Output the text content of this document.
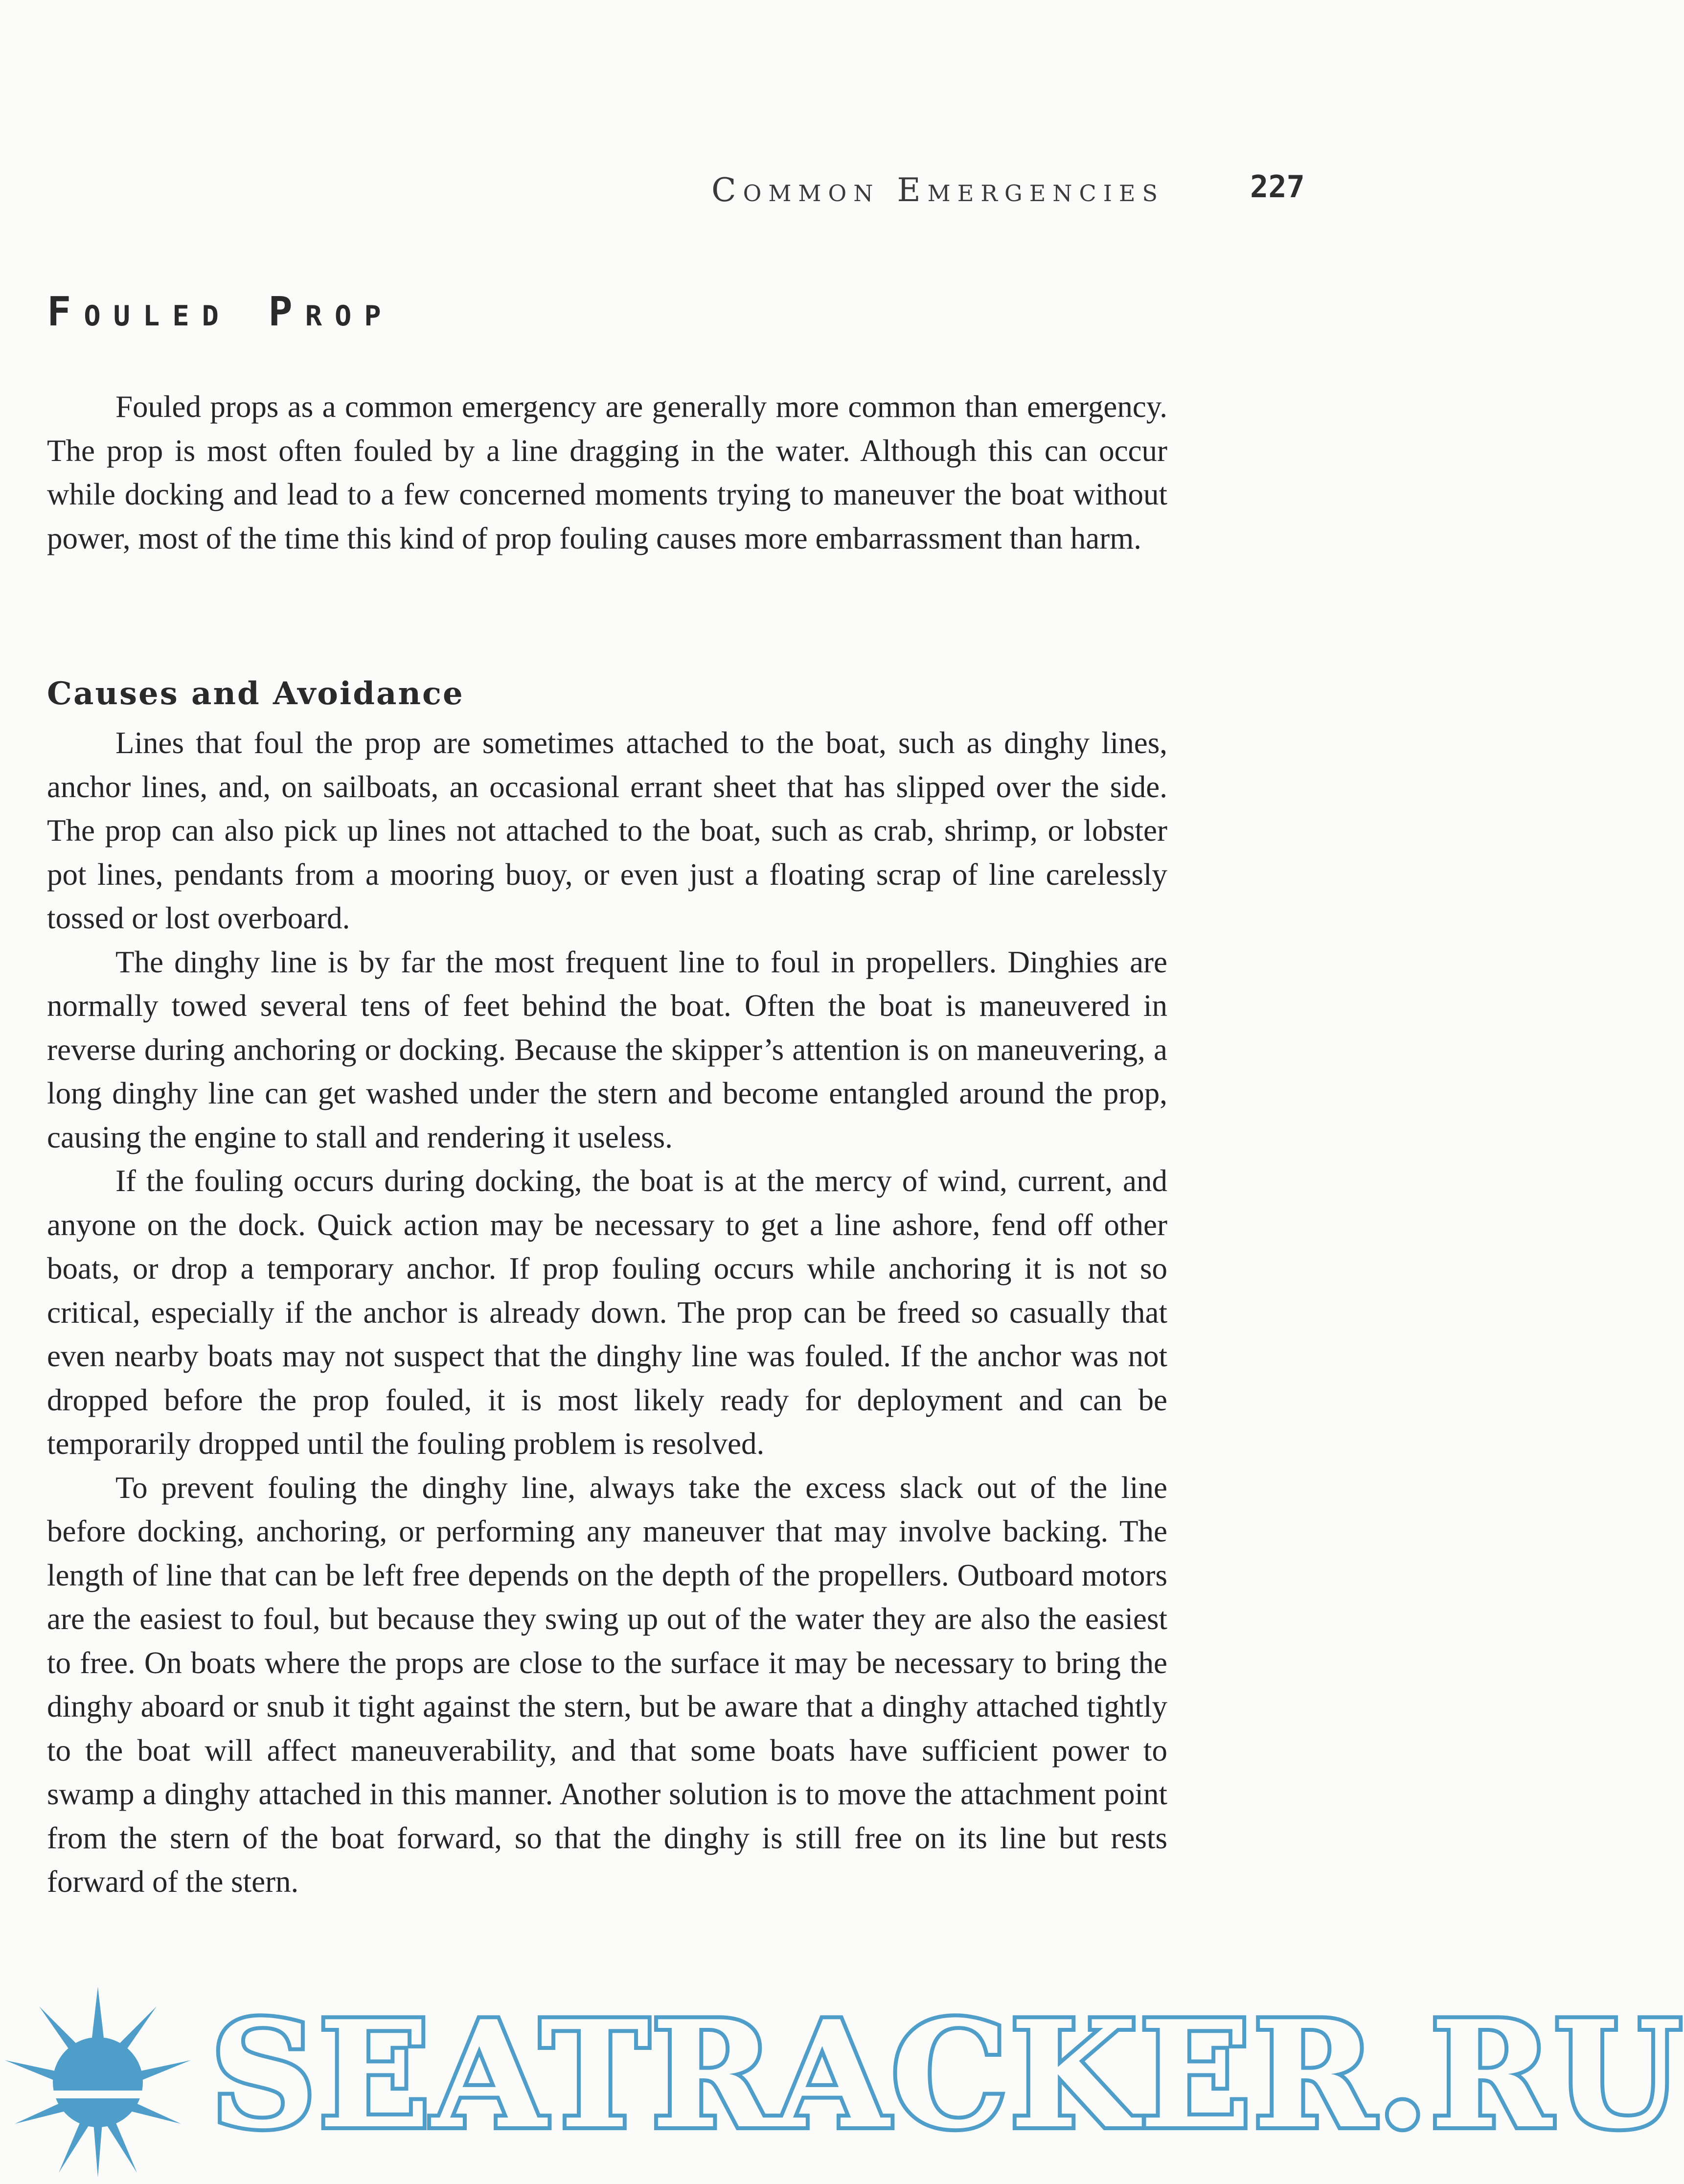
Common Emergencies	227
Fouled Prop

Fouled props as a common emergency are generally more common than emergency. The prop is most often fouled by a line dragging in the water. Although this can occur while docking and lead to a few concerned moments trying to maneuver the boat without power, most of the time this kind of prop fouling causes more embarrassment than harm.

Causes and Avoidance

Lines that foul the prop are sometimes attached to the boat, such as dinghy lines, anchor lines, and, on sailboats, an occasional errant sheet that has slipped over the side. The prop can also pick up lines not attached to the boat, such as crab, shrimp, or lobster pot lines, pendants from a mooring buoy, or even just a floating scrap of line carelessly tossed or lost overboard.

The dinghy line is by far the most frequent line to foul in propellers. Dinghies are normally towed several tens of feet behind the boat. Often the boat is maneuvered in reverse during anchoring or docking. Because the skipper’s attention is on maneuvering, a long dinghy line can get washed under the stern and become entangled around the prop, causing the engine to stall and rendering it useless.

If the fouling occurs during docking, the boat is at the mercy of wind, current, and anyone on the dock. Quick action may be necessary to get a line ashore, fend off other boats, or drop a temporary anchor. If prop fouling occurs while anchoring it is not so critical, especially if the anchor is already down. The prop can be freed so casually that even nearby boats may not suspect that the dinghy line was fouled. If the anchor was not dropped before the prop fouled, it is most likely ready for deployment and can be temporarily dropped until the fouling problem is resolved.

To prevent fouling the dinghy line, always take the excess slack out of the line before docking, anchoring, or performing any maneuver that may involve backing. The length of line that can be left free depends on the depth of the propellers. Outboard motors are the easiest to foul, but because they swing up out of the water they are also the easiest to free. On boats where the props are close to the surface it may be necessary to bring the dinghy aboard or snub it tight against the stern, but be aware that a dinghy attached tightly to the boat will affect maneuverability, and that some boats have sufficient power to swamp a dinghy attached in this manner. Another solution is to move the attachment point from the stern of the boat forward, so that the dinghy is still free on its line but rests forward of the stern.

SEATRACKER.RU
